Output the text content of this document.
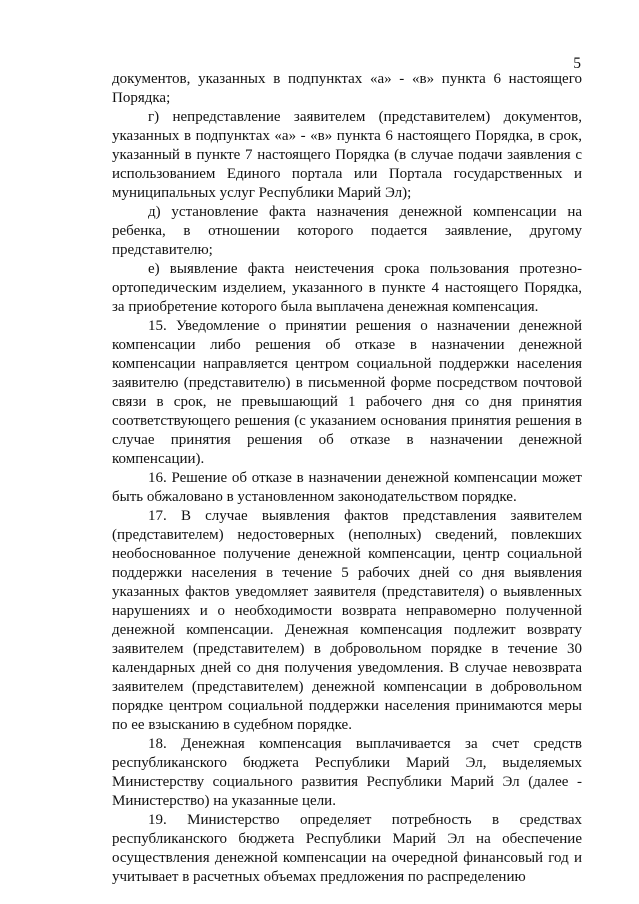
5

документов, указанных в подпунктах «а» - «в» пункта 6 настоящего Порядка;

г) непредставление заявителем (представителем) документов, указанных в подпунктах «а» - «в» пункта 6 настоящего Порядка, в срок, указанный в пункте 7 настоящего Порядка (в случае подачи заявления с использованием Единого портала или Портала государственных и муниципальных услуг Республики Марий Эл);

д) установление факта назначения денежной компенсации на ребенка, в отношении которого подается заявление, другому представителю;

е) выявление факта неистечения срока пользования протезно-ортопедическим изделием, указанного в пункте 4 настоящего Порядка, за приобретение которого была выплачена денежная компенсация.

15. Уведомление о принятии решения о назначении денежной компенсации либо решения об отказе в назначении денежной компенсации направляется центром социальной поддержки населения заявителю (представителю) в письменной форме посредством почтовой связи в срок, не превышающий 1 рабочего дня со дня принятия соответствующего решения (с указанием основания принятия решения в случае принятия решения об отказе в назначении денежной компенсации).

16. Решение об отказе в назначении денежной компенсации может быть обжаловано в установленном законодательством порядке.

17. В случае выявления фактов представления заявителем (представителем) недостоверных (неполных) сведений, повлекших необоснованное получение денежной компенсации, центр социальной поддержки населения в течение 5 рабочих дней со дня выявления указанных фактов уведомляет заявителя (представителя) о выявленных нарушениях и о необходимости возврата неправомерно полученной денежной компенсации. Денежная компенсация подлежит возврату заявителем (представителем) в добровольном порядке в течение 30 календарных дней со дня получения уведомления. В случае невозврата заявителем (представителем) денежной компенсации в добровольном порядке центром социальной поддержки населения принимаются меры по ее взысканию в судебном порядке.

18. Денежная компенсация выплачивается за счет средств республиканского бюджета Республики Марий Эл, выделяемых Министерству социального развития Республики Марий Эл (далее - Министерство) на указанные цели.

19. Министерство определяет потребность в средствах республиканского бюджета Республики Марий Эл на обеспечение осуществления денежной компенсации на очередной финансовый год и учитывает в расчетных объемах предложения по распределению
